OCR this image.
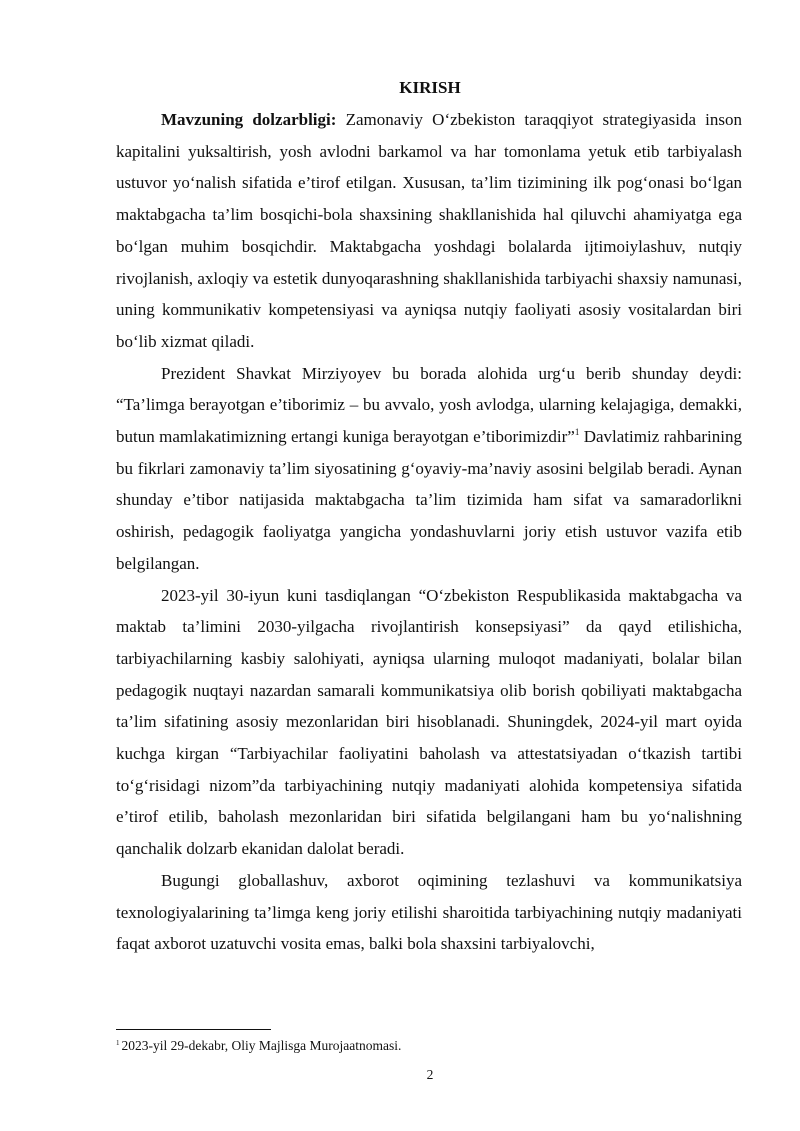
KIRISH

Mavzuning dolzarbligi: Zamonaviy O‘zbekiston taraqqiyot strategiyasida inson kapitalini yuksaltirish, yosh avlodni barkamol va har tomonlama yetuk etib tarbiyalash ustuvor yo‘nalish sifatida e’tirof etilgan. Xususan, ta’lim tizimining ilk pog‘onasi bo‘lgan maktabgacha ta’lim bosqichi-bola shaxsining shakllanishida hal qiluvchi ahamiyatga ega bo‘lgan muhim bosqichdir. Maktabgacha yoshdagi bolalarda ijtimoiylashuv, nutqiy rivojlanish, axloqiy va estetik dunyoqarashning shakllanishida tarbiyachi shaxsiy namunasi, uning kommunikativ kompetensiyasi va ayniqsa nutqiy faoliyati asosiy vositalardan biri bo‘lib xizmat qiladi.

Prezident Shavkat Mirziyoyev bu borada alohida urg‘u berib shunday deydi: “Ta’limga berayotgan e’tiborimiz – bu avvalo, yosh avlodga, ularning kelajagiga, demakki, butun mamlakatimizning ertangi kuniga berayotgan e’tiborimizdir”$^1$ Davlatimiz rahbarining bu fikrlari zamonaviy ta’lim siyosatining g‘oyaviy-ma’naviy asosini belgilab beradi. Aynan shunday e’tibor natijasida maktabgacha ta’lim tizimida ham sifat va samaradorlikni oshirish, pedagogik faoliyatga yangicha yondashuvlarni joriy etish ustuvor vazifa etib belgilangan.

2023-yil 30-iyun kuni tasdiqlangan “O‘zbekiston Respublikasida maktabgacha va maktab ta’limini 2030-yilgacha rivojlantirish konsepsiyasi” da qayd etilishicha, tarbiyachilarning kasbiy salohiyati, ayniqsa ularning muloqot madaniyati, bolalar bilan pedagogik nuqtayi nazardan samarali kommunikatsiya olib borish qobiliyati maktabgacha ta’lim sifatining asosiy mezonlaridan biri hisoblanadi. Shuningdek, 2024-yil mart oyida kuchga kirgan “Tarbiyachilar faoliyatini baholash va attestatsiyadan o‘tkazish tartibi to‘g‘risidagi nizom”da tarbiyachining nutqiy madaniyati alohida kompetensiya sifatida e’tirof etilib, baholash mezonlaridan biri sifatida belgilangani ham bu yo‘nalishning qanchalik dolzarb ekanidan dalolat beradi.

Bugungi globallashuv, axborot oqimining tezlashuvi va kommunikatsiya texnologiyalarining ta’limga keng joriy etilishi sharoitida tarbiyachining nutqiy madaniyati faqat axborot uzatuvchi vosita emas, balki bola shaxsini tarbiyalovchi,

$^1$ 2023-yil 29-dekabr, Oliy Majlisga Murojaatnomasi.
2
